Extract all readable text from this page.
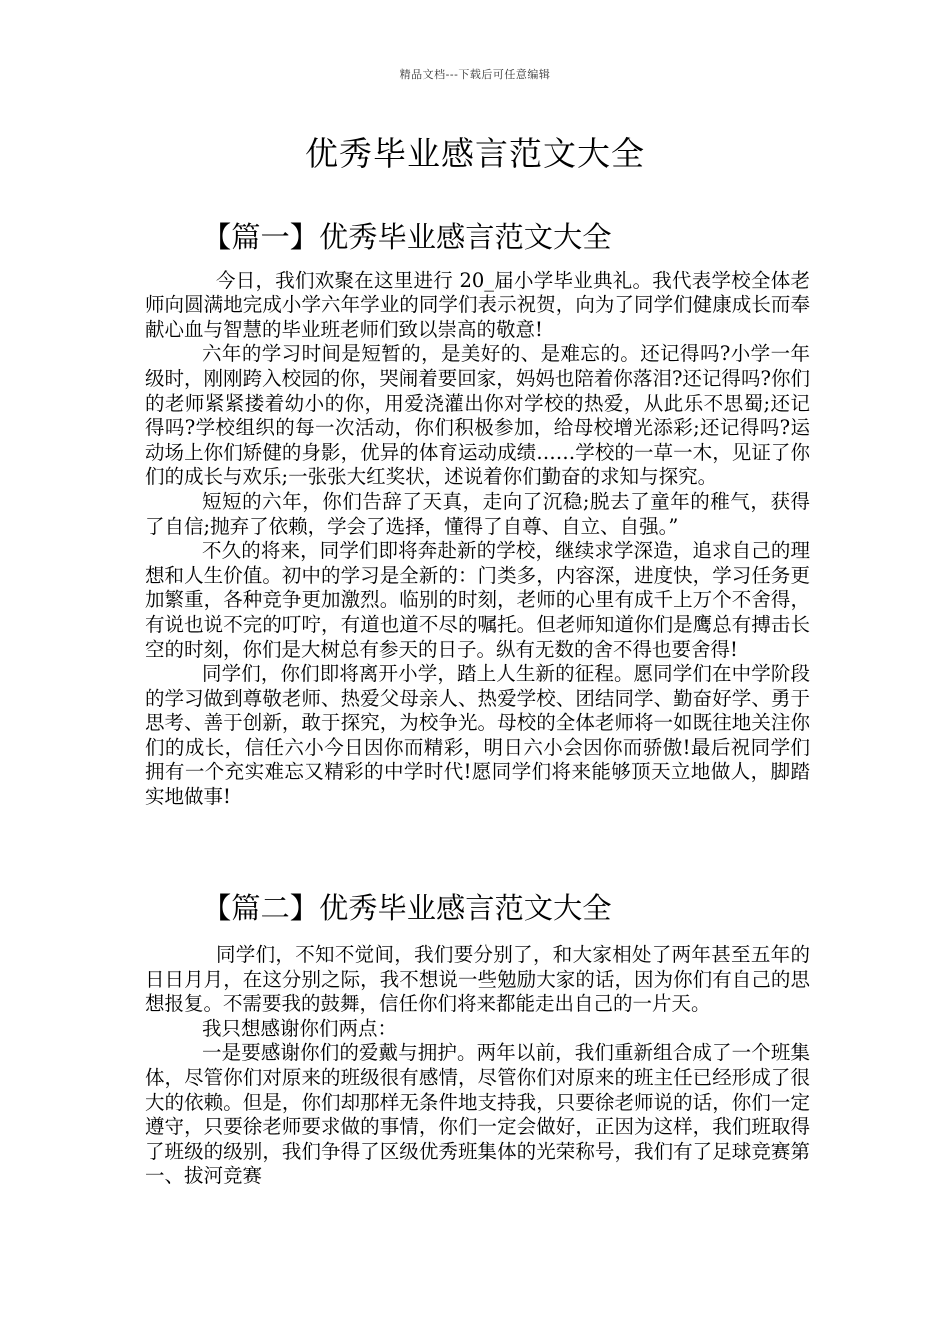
精品文档---下载后可任意编辑
优秀毕业感言范文大全
【篇一】优秀毕业感言范文大全

今日，我们欢聚在这里进行 20_届小学毕业典礼。我代表学校全体老师向圆满地完成小学六年学业的同学们表示祝贺，向为了同学们健康成长而奉献心血与智慧的毕业班老师们致以崇高的敬意!

六年的学习时间是短暂的，是美好的、是难忘的。还记得吗?小学一年级时，刚刚跨入校园的你，哭闹着要回家，妈妈也陪着你落泪?还记得吗?你们的老师紧紧搂着幼小的你，用爱浇灌出你对学校的热爱，从此乐不思蜀;还记得吗?学校组织的每一次活动，你们积极参加，给母校增光添彩;还记得吗?运动场上你们矫健的身影，优异的体育运动成绩……学校的一草一木，见证了你们的成长与欢乐;一张张大红奖状，述说着你们勤奋的求知与探究。

短短的六年，你们告辞了天真，走向了沉稳;脱去了童年的稚气，获得了自信;抛弃了依赖，学会了选择，懂得了自尊、自立、自强。”

不久的将来，同学们即将奔赴新的学校，继续求学深造，追求自己的理想和人生价值。初中的学习是全新的：门类多，内容深，进度快，学习任务更加繁重，各种竞争更加激烈。临别的时刻，老师的心里有成千上万个不舍得，有说也说不完的叮咛，有道也道不尽的嘱托。但老师知道你们是鹰总有搏击长空的时刻，你们是大树总有参天的日子。纵有无数的舍不得也要舍得!

同学们，你们即将离开小学，踏上人生新的征程。愿同学们在中学阶段的学习做到尊敬老师、热爱父母亲人、热爱学校、团结同学、勤奋好学、勇于思考、善于创新，敢于探究，为校争光。母校的全体老师将一如既往地关注你们的成长，信任六小今日因你而精彩，明日六小会因你而骄傲!最后祝同学们拥有一个充实难忘又精彩的中学时代!愿同学们将来能够顶天立地做人，脚踏实地做事!

【篇二】优秀毕业感言范文大全

同学们，不知不觉间，我们要分别了，和大家相处了两年甚至五年的日日月月，在这分别之际，我不想说一些勉励大家的话，因为你们有自己的思想报复。不需要我的鼓舞，信任你们将来都能走出自己的一片天。

我只想感谢你们两点：

一是要感谢你们的爱戴与拥护。两年以前，我们重新组合成了一个班集体，尽管你们对原来的班级很有感情，尽管你们对原来的班主任已经形成了很大的依赖。但是，你们却那样无条件地支持我，只要徐老师说的话，你们一定遵守，只要徐老师要求做的事情，你们一定会做好，正因为这样，我们班取得了班级的级别，我们争得了区级优秀班集体的光荣称号，我们有了足球竞赛第一、拔河竞赛
